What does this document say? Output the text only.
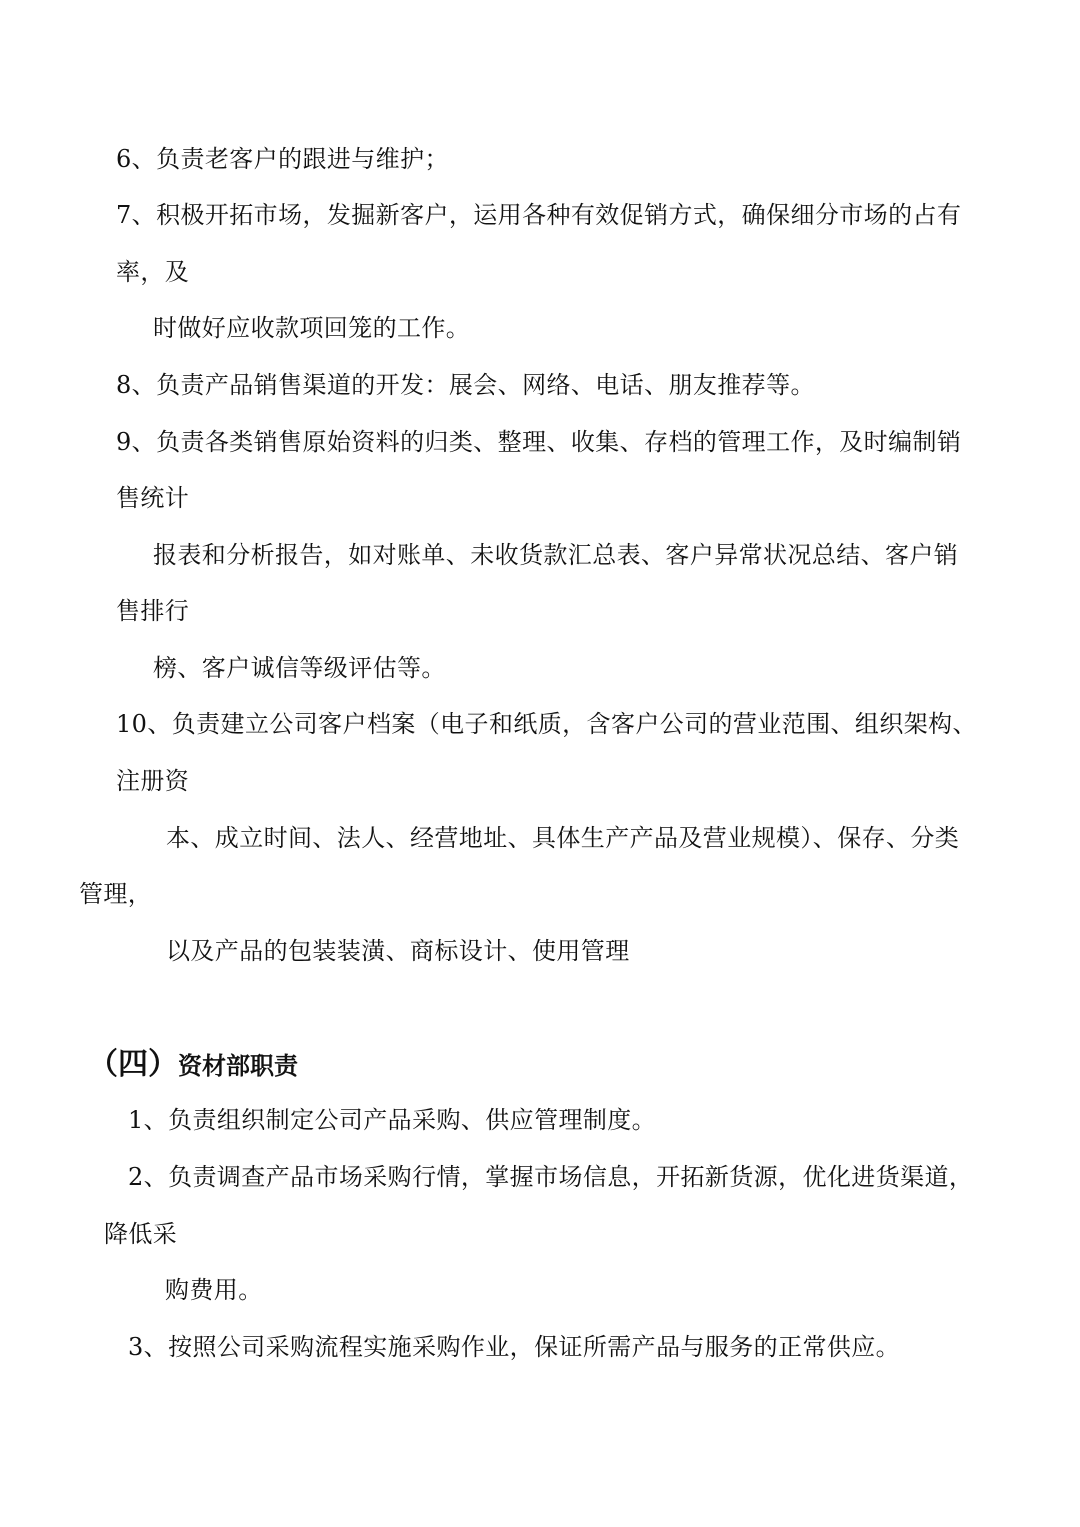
6、负责老客户的跟进与维护；
7、积极开拓市场，发掘新客户，运用各种有效促销方式，确保细分市场的占有
率，及
时做好应收款项回笼的工作。
8、负责产品销售渠道的开发：展会、网络、电话、朋友推荐等。
9、负责各类销售原始资料的归类、整理、收集、存档的管理工作，及时编制销
售统计
报表和分析报告，如对账单、未收货款汇总表、客户异常状况总结、客户销
售排行
榜、客户诚信等级评估等。
10、负责建立公司客户档案（电子和纸质，含客户公司的营业范围、组织架构、
注册资
本、成立时间、法人、经营地址、具体生产产品及营业规模）、保存、分类
管理，
以及产品的包装装潢、商标设计、使用管理
（四）资材部职责
1、负责组织制定公司产品采购、供应管理制度。
2、负责调查产品市场采购行情，掌握市场信息，开拓新货源，优化进货渠道，
降低采
购费用。
3、按照公司采购流程实施采购作业，保证所需产品与服务的正常供应。
